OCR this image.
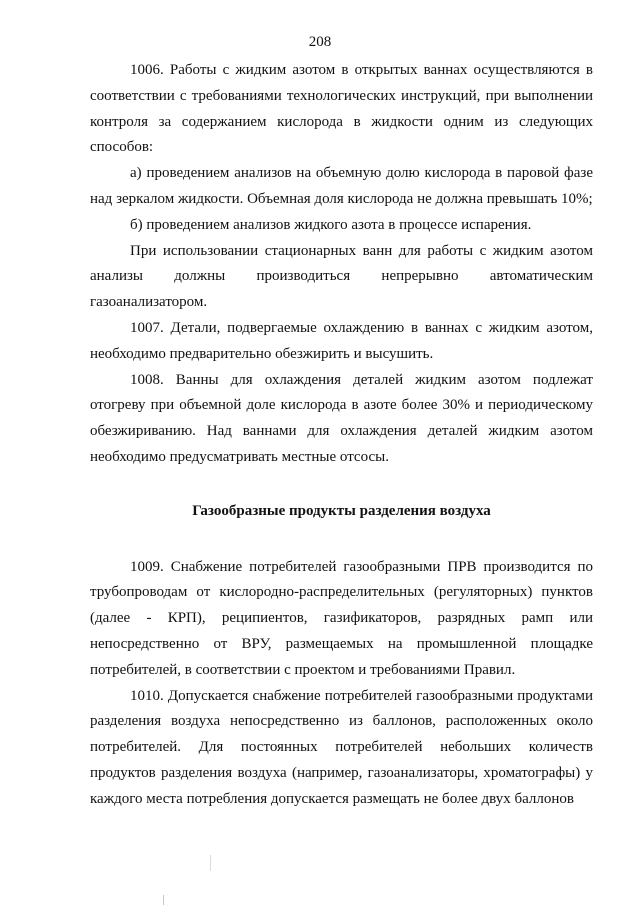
208

1006. Работы с жидким азотом в открытых ваннах осуществляются в соответствии с требованиями технологических инструкций, при выполнении контроля за содержанием кислорода в жидкости одним из следующих способов:

а) проведением анализов на объемную долю кислорода в паровой фазе над зеркалом жидкости. Объемная доля кислорода не должна превышать 10%;

б) проведением анализов жидкого азота в процессе испарения.

При использовании стационарных ванн для работы с жидким азотом анализы должны производиться непрерывно автоматическим газоанализатором.

1007. Детали, подвергаемые охлаждению в ваннах с жидким азотом, необходимо предварительно обезжирить и высушить.

1008. Ванны для охлаждения деталей жидким азотом подлежат отогреву при объемной доле кислорода в азоте более 30% и периодическому обезжириванию. Над ваннами для охлаждения деталей жидким азотом необходимо предусматривать местные отсосы.

Газообразные продукты разделения воздуха

1009. Снабжение потребителей газообразными ПРВ производится по трубопроводам от кислородно-распределительных (регуляторных) пунктов (далее - КРП), реципиентов, газификаторов, разрядных рамп или непосредственно от ВРУ, размещаемых на промышленной площадке потребителей, в соответствии с проектом и требованиями Правил.

1010. Допускается снабжение потребителей газообразными продуктами разделения воздуха непосредственно из баллонов, расположенных около потребителей. Для постоянных потребителей небольших количеств продуктов разделения воздуха (например, газоанализаторы, хроматографы) у каждого места потребления допускается размещать не более двух баллонов
